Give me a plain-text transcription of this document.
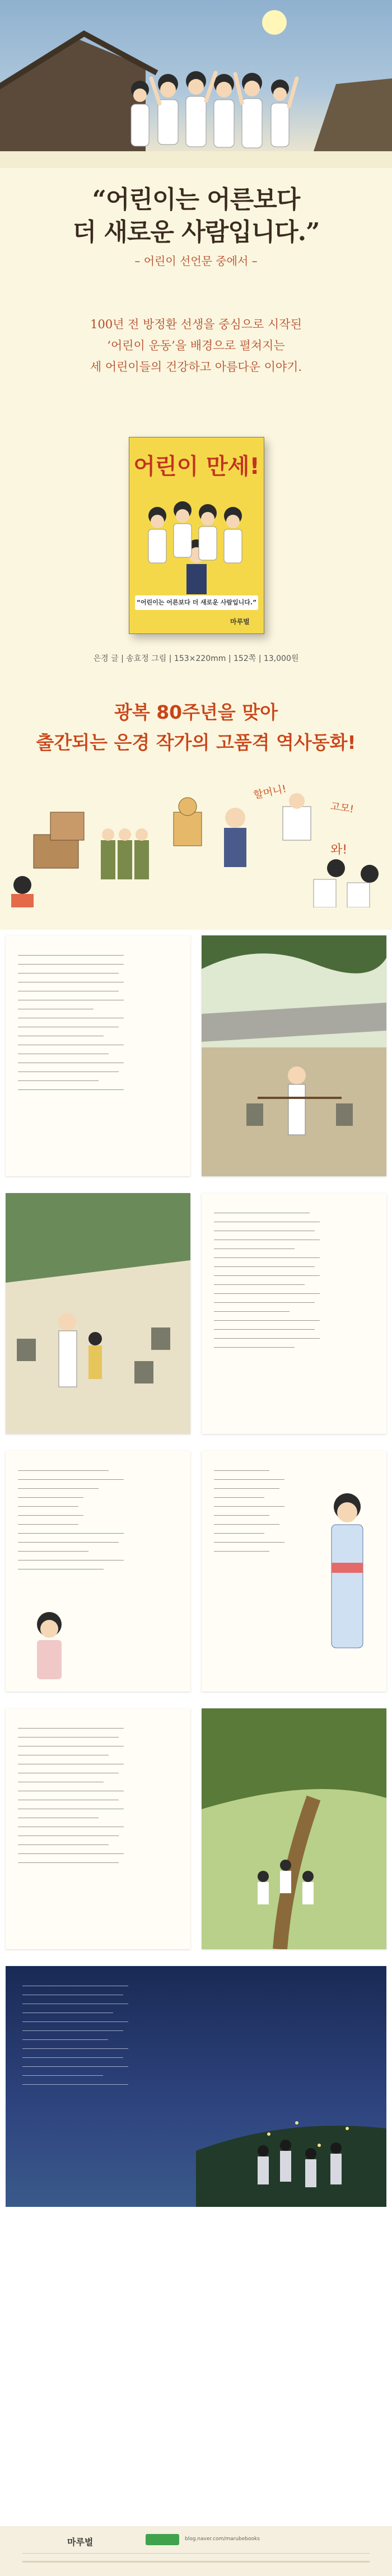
“어린이는 어른보다
더 새로운 사람입니다.”
– 어린이 선언문 중에서 –
100년 전 방정환 선생을 중심으로 시작된
‘어린이 운동’을 배경으로 펼쳐지는
세 어린이들의 건강하고 아름다운 이야기.
어린이 만세!
“어린이는 어른보다 더 새로운 사람입니다.”
마루벌
은경 글 | 송효정 그림 | 153×220mm | 152쪽 | 13,000원
광복 80주년을 맞아
출간되는 은경 작가의 고품격 역사동화!
할머니!
고모!
와!
―――――――――――――――――――――
―――――――――――――――――――――
――――――――――――――――――――
―――――――――――――――――――――
――――――――――――――――――――
―――――――――――――――――――――
―――――――――――――――
―――――――――――――――――――――
――――――――――――――――――――
―――――――――――――――――
―――――――――――――――――――――
――――――――――――――――――
―――――――――――――――――――――
――――――――――――――――――――
――――――――――――――――
―――――――――――――――――――――
―――――――――――――――――――
―――――――――――――――――――――
――――――――――――――――――――
―――――――――――――――――――――
――――――――――――――――
―――――――――――――――――――――
――――――――――――――――――――
―――――――――――――――――――――
――――――――――――――――――
―――――――――――――――――――――
――――――――――――――――――――
―――――――――――――――
―――――――――――――――――――――
――――――――――――――――――――
―――――――――――――――――――――
――――――――――――――――
――――――――――――――――――
―――――――――――――――――――――
――――――――――――――――
―――――――――――――
――――――――――――
―――――――――――――
――――――――――――
―――――――――――――――――――――
――――――――――――――――――――
――――――――――――――
―――――――――――――――――――――
―――――――――――――――――
―――――――――――
――――――――――――――
―――――――――――――
――――――――――
――――――――――――――
―――――――――――
―――――――――――――
――――――――――
――――――――――――――
―――――――――――
―――――――――――――――――――――
――――――――――――――――――――
―――――――――――――――――――――
――――――――――――――――――
―――――――――――――――――――――
――――――――――――――――――――
―――――――――――――――――
―――――――――――――――――――――
――――――――――――――――――――
―――――――――――――――――――――
――――――――――――――――
―――――――――――――――――――――
――――――――――――――――――――
――――――――――――――――――
―――――――――――――――――――――
――――――――――――――――――――
―――――――――――――――――――――
――――――――――――――――――――
―――――――――――――――――――――
――――――――――――――――――
―――――――――――――――――――――
――――――――――――――――――――
―――――――――――――――――
―――――――――――――――――――――
――――――――――――――――――――
―――――――――――――――――――――
――――――――――――――――
―――――――――――――――――――――
마루벌	blog.naver.com/marubebooks
